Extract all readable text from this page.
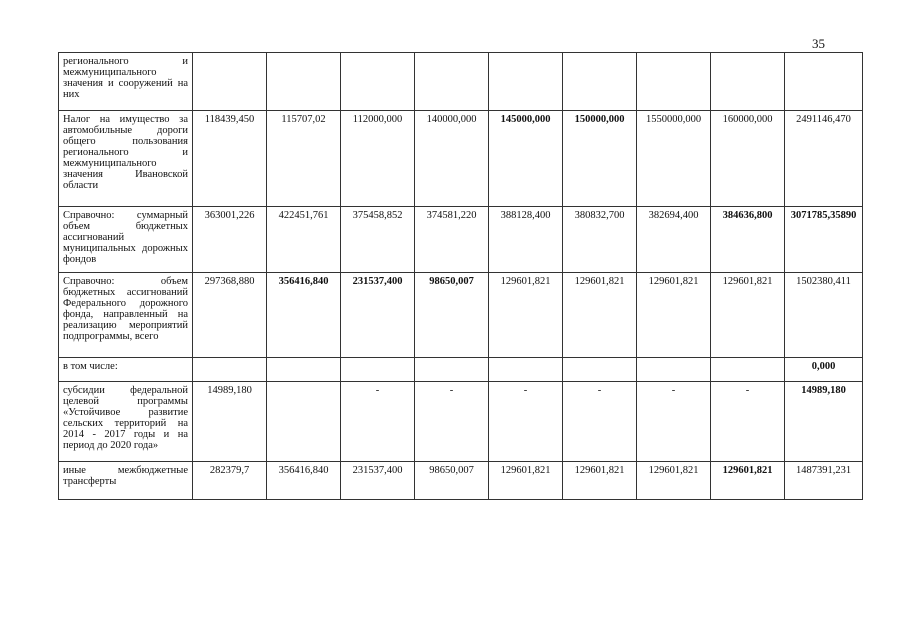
35
регионального и межмуниципального значения и сооружений на них									
Налог на имущество за автомобильные дороги общего пользования регионального и межмуниципального значения Ивановской области	118439,450	115707,02	112000,000	140000,000	145000,000	150000,000	1550000,000	160000,000	2491146,470
Справочно: суммарный объем бюджетных ассигнований муниципальных дорожных фондов	363001,226	422451,761	375458,852	374581,220	388128,400	380832,700	382694,400	384636,800	3071785,35890
Справочно: объем бюджетных ассигнований Федерального дорожного фонда, направленный на реализацию мероприятий подпрограммы, всего	297368,880	356416,840	231537,400	98650,007	129601,821	129601,821	129601,821	129601,821	1502380,411
в том числе:									0,000
субсидии федеральной целевой программы «Устойчивое развитие сельских территорий на 2014 - 2017 годы и на период до 2020 года»	14989,180		-	-	-	-	-	-	14989,180
иные межбюджетные трансферты	282379,7	356416,840	231537,400	98650,007	129601,821	129601,821	129601,821	129601,821	1487391,231
